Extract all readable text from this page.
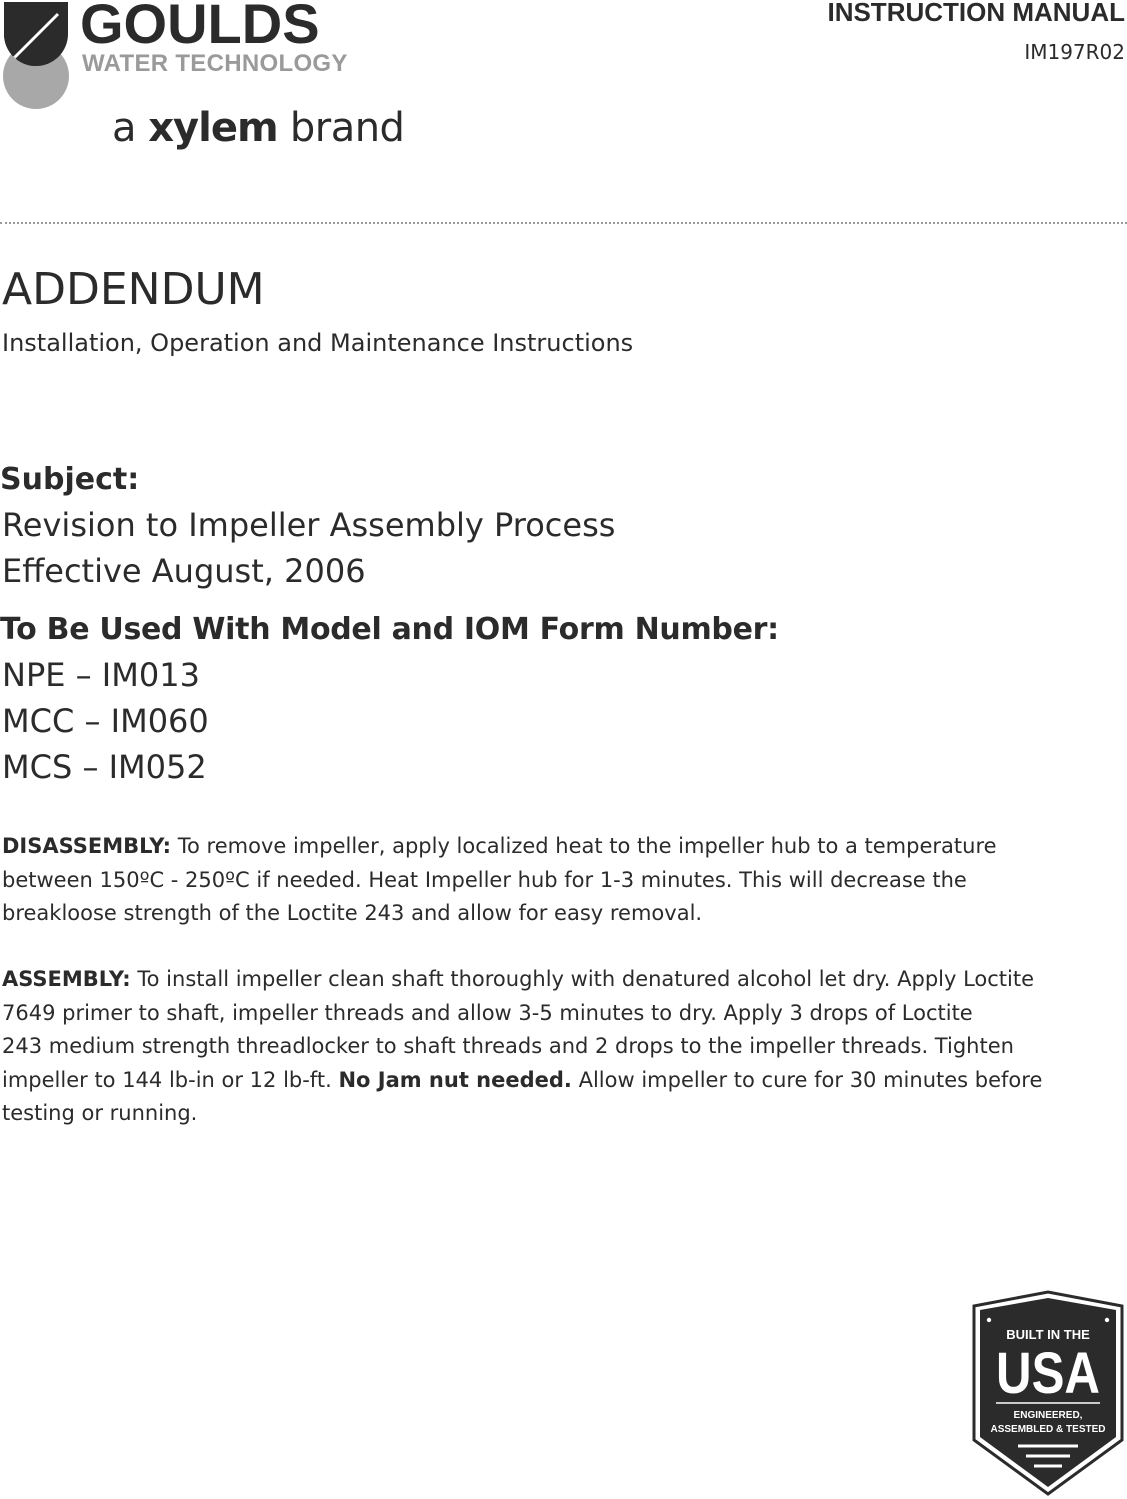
GOULDS
WATER TECHNOLOGY
a xylem brand
INSTRUCTION MANUAL
IM197R02
ADDENDUM
Installation, Operation and Maintenance Instructions
Subject:
Revision to Impeller Assembly Process
Effective August, 2006
To Be Used With Model and IOM Form Number:
NPE – IM013
MCC – IM060
MCS – IM052
DISASSEMBLY: To remove impeller, apply localized heat to the impeller hub to a temperature
between 150ºC - 250ºC if needed. Heat Impeller hub for 1-3 minutes. This will decrease the
breakloose strength of the Loctite 243 and allow for easy removal.
ASSEMBLY: To install impeller clean shaft thoroughly with denatured alcohol let dry. Apply Loctite
7649 primer to shaft, impeller threads and allow 3-5 minutes to dry. Apply 3 drops of Loctite
243 medium strength threadlocker to shaft threads and 2 drops to the impeller threads. Tighten
impeller to 144 lb-in or 12 lb-ft. No Jam nut needed. Allow impeller to cure for 30 minutes before
testing or running.
BUILT IN THE
USA
ENGINEERED,
ASSEMBLED & TESTED
